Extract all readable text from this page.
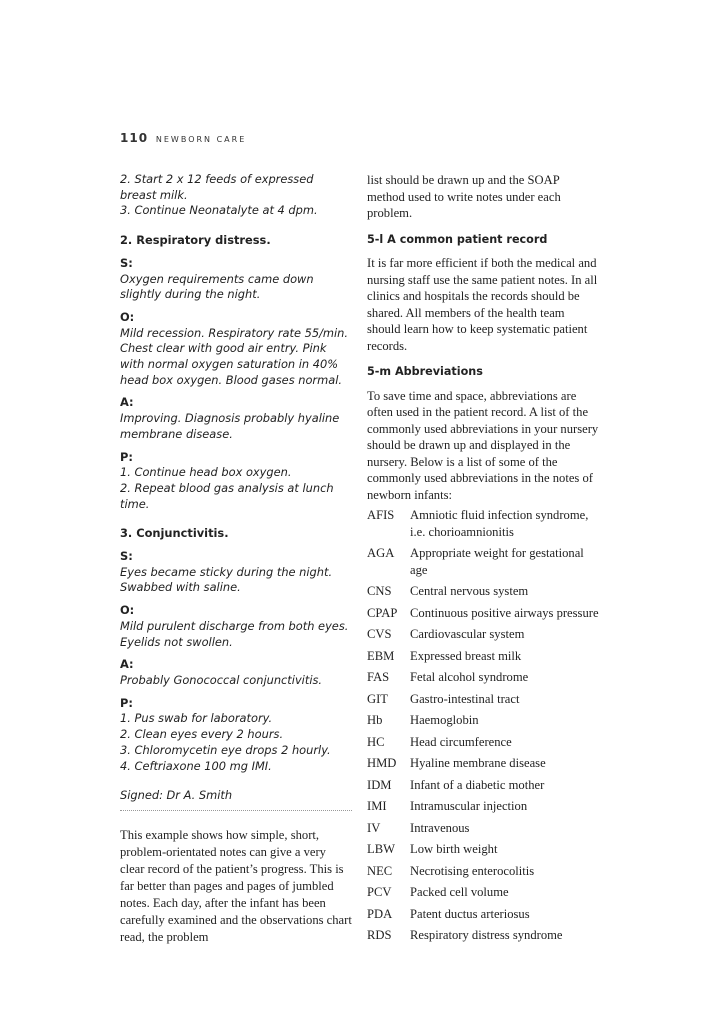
110 NEWBORN CARE

2. Start 2 x 12 feeds of expressed breast milk.

3. Continue Neonatalyte at 4 dpm.

2. Respiratory distress.

S:

Oxygen requirements came down slightly during the night.

O:

Mild recession. Respiratory rate 55/min. Chest clear with good air entry. Pink with normal oxygen saturation in 40% head box oxygen. Blood gases normal.

A:

Improving. Diagnosis probably hyaline membrane disease.

P:

1. Continue head box oxygen.

2. Repeat blood gas analysis at lunch time.

3. Conjunctivitis.

S:

Eyes became sticky during the night. Swabbed with saline.

O:

Mild purulent discharge from both eyes. Eyelids not swollen.

A:

Probably Gonococcal conjunctivitis.

P:

1. Pus swab for laboratory.

2. Clean eyes every 2 hours.

3. Chloromycetin eye drops 2 hourly.

4. Ceftriaxone 100 mg IMI.

Signed: Dr A. Smith

This example shows how simple, short, problem-orientated notes can give a very clear record of the patient’s progress. This is far better than pages and pages of jumbled notes. Each day, after the infant has been carefully examined and the observations chart read, the problem

list should be drawn up and the SOAP method used to write notes under each problem.

5-l A common patient record

It is far more efficient if both the medical and nursing staff use the same patient notes. In all clinics and hospitals the records should be shared. All members of the health team should learn how to keep systematic patient records.

5-m Abbreviations

To save time and space, abbreviations are often used in the patient record. A list of the commonly used abbreviations in your nursery should be drawn up and displayed in the nursery. Below is a list of some of the commonly used abbreviations in the notes of newborn infants:

AFIS	Amniotic fluid infection syndrome, i.e. chorioamnionitis
AGA	Appropriate weight for gestational age
CNS	Central nervous system
CPAP	Continuous positive airways pressure
CVS	Cardiovascular system
EBM	Expressed breast milk
FAS	Fetal alcohol syndrome
GIT	Gastro-intestinal tract
Hb	Haemoglobin
HC	Head circumference
HMD	Hyaline membrane disease
IDM	Infant of a diabetic mother
IMI	Intramuscular injection
IV	Intravenous
LBW	Low birth weight
NEC	Necrotising enterocolitis
PCV	Packed cell volume
PDA	Patent ductus arteriosus
RDS	Respiratory distress syndrome
